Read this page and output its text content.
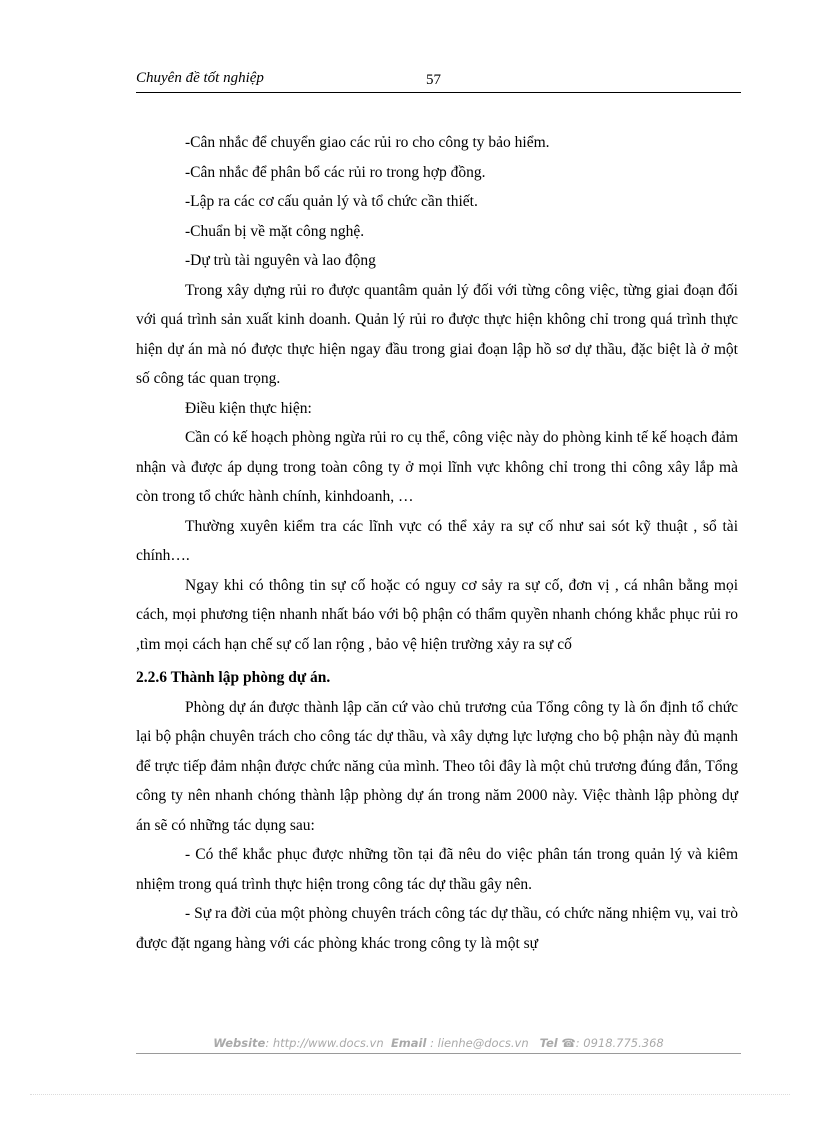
Chuyên đề tốt nghiệp	57

-Cân nhắc để chuyển giao các rủi ro cho công ty bảo hiểm.

-Cân nhắc để phân bổ các rủi ro trong hợp đồng.

-Lập ra các cơ cấu quản lý và tổ chức cần thiết.

-Chuẩn bị về mặt công nghệ.

-Dự trù tài nguyên và lao động

Trong xây dựng rủi ro được quantâm quản lý đối với từng công việc, từng giai đoạn đối với quá trình sản xuất kinh doanh. Quản lý rủi ro được thực hiện không chỉ trong quá trình thực hiện dự án mà nó được thực hiện ngay đầu trong giai đoạn lập hồ sơ dự thầu, đặc biệt là ở một số công tác quan trọng.

Điều kiện thực hiện:

Cần có kế hoạch phòng ngừa rủi ro cụ thể, công việc này do phòng kinh tế kế hoạch đảm nhận và được áp dụng trong toàn công ty ở mọi lĩnh vực không chỉ trong thi công xây lắp mà còn trong tổ chức hành chính, kinhdoanh, …

Thường xuyên kiểm tra các lĩnh vực có thể xảy ra sự cố như sai sót kỹ thuật , sổ tài chính….

Ngay khi có thông tin sự cố hoặc có nguy cơ sảy ra sự cố, đơn vị , cá nhân bằng mọi cách, mọi phương tiện nhanh nhất báo với bộ phận có thẩm quyền nhanh chóng khắc phục rủi ro ,tìm mọi cách hạn chế sự cố lan rộng , bảo vệ hiện trường xảy ra sự cố

2.2.6 Thành lập phòng dự án.

Phòng dự án được thành lập căn cứ vào chủ trương của Tổng công ty là ổn định tổ chức lại bộ phận chuyên trách cho công tác dự thầu, và xây dựng lực lượng cho bộ phận này đủ mạnh để trực tiếp đảm nhận được chức năng của mình. Theo tôi đây là một chủ trương đúng đắn, Tổng công ty nên nhanh chóng thành lập phòng dự án trong năm 2000 này. Việc thành lập phòng dự án sẽ có những tác dụng sau:

- Có thể khắc phục được những tồn tại đã nêu do việc phân tán trong quản lý và kiêm nhiệm trong quá trình thực hiện trong công tác dự thầu gây nên.

- Sự ra đời của một phòng chuyên trách công tác dự thầu, có chức năng nhiệm vụ, vai trò được đặt ngang hàng với các phòng khác trong công ty là một sự

Website: http://www.docs.vn Email : lienhe@docs.vn Tel ☎: 0918.775.368
